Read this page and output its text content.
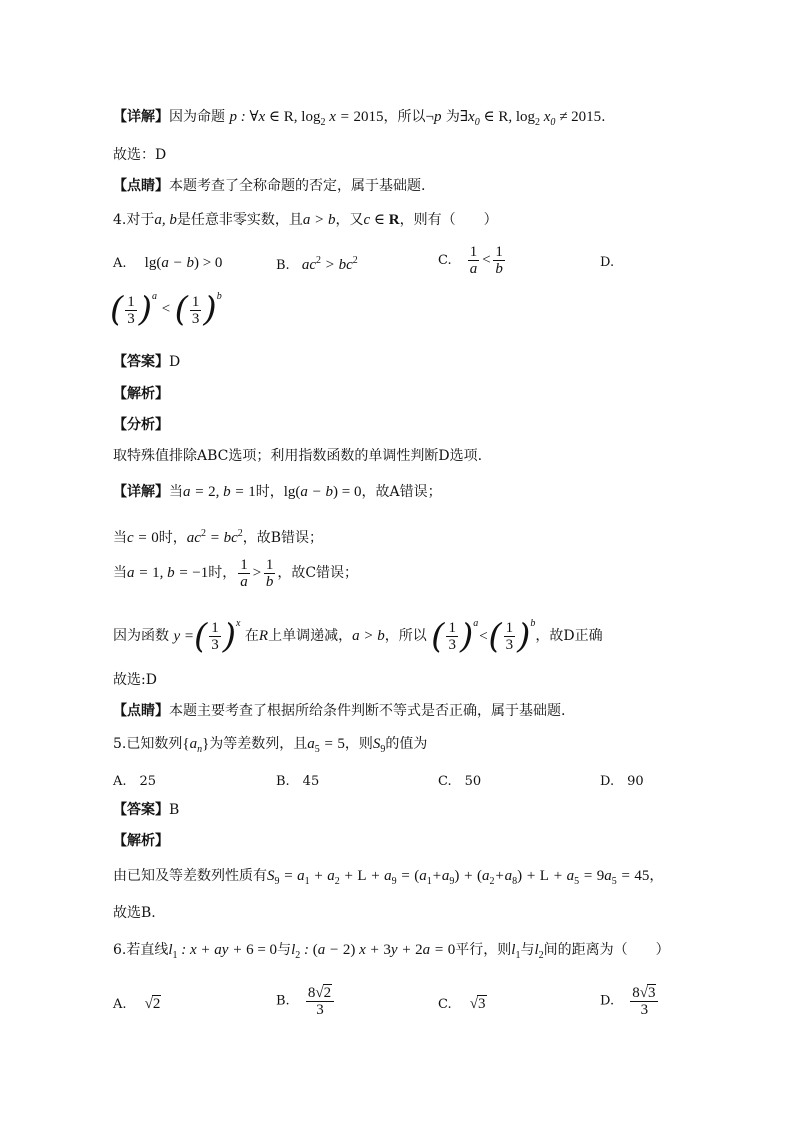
【详解】因为命题 p : ∀x ∈ R, $\log_2 x = 2015$，所以¬p 为$\exists x_0$ ∈ R, $\log_2 x_0 \ne 2015$.
故选：D
【点睛】本题考查了全称命题的否定，属于基础题.
4.对于a, b是任意非零实数，且a > b，又c ∈ R，则有（　　）
A. lg(a − b) > 0	B. $ac^2 > bc^2$	C. $\frac{1}{a} < \frac{1}{b}$	D.
( $\frac{1}{3} )^a$ < ( $\frac{1}{3} )^b$
【答案】D
【解析】
【分析】
取特殊值排除ABC选项；利用指数函数的单调性判断D选项.
【详解】当a = 2, b = 1时，lg(a − b) = 0，故A错误；
当c = 0时，$ac^2 = bc^2$，故B错误；
当a = 1, b = −1时， $\frac{1}{a} > \frac{1}{b}$ ，故C错误；
因为函数 y =( $\frac{1}{3} )^x$ 在R上单调递减，a > b，所以 ( $\frac{1}{3} )^a<( \frac{1}{3} )^b$，故D正确
故选:D
【点睛】本题主要考查了根据所给条件判断不等式是否正确，属于基础题.
5.已知数列$\{a_n\}$为等差数列，且$a_5 = 5$，则$S_9$的值为
A.　25	B.　45	C.　50	D.　90
【答案】B
【解析】
由已知及等差数列性质有$S_9 = a_1 + a_2 + L + a_9 = (a_1+a_9) + (a_2+a_8) + L + a_5 = 9a_5 = 45$，
故选B.
6.若直线$l_1$ : x + ay + 6 = 0与$l_2$ : (a − 2) x + 3y + 2a = 0平行，则$l_1$与$l_2$间的距离为（　　）
A. √2	B. $\frac{8√2}{3}$	C. √3	D. $\frac{8√3}{3}$
